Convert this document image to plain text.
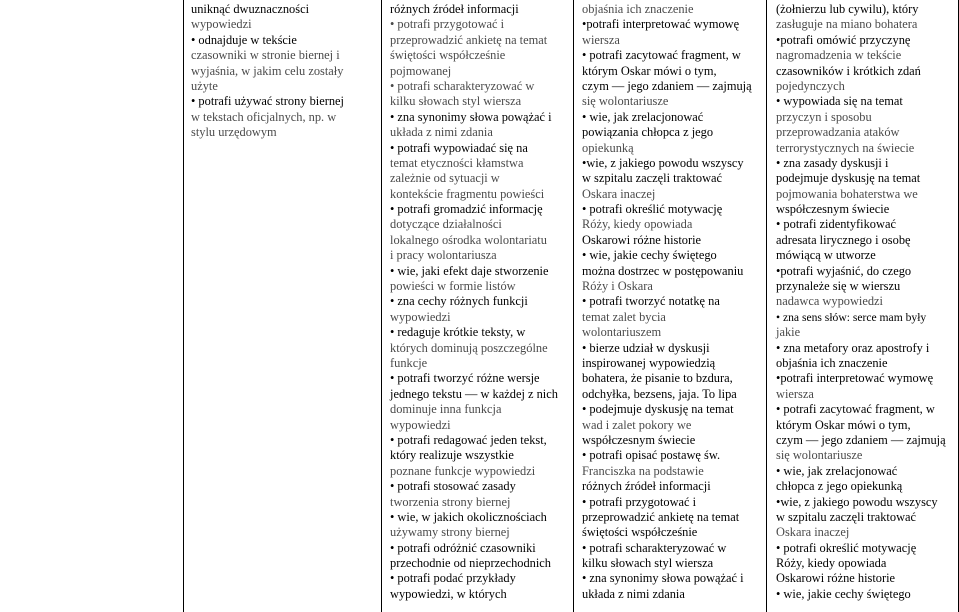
uniknąć dwuznaczności
wypowiedzi
• odnajduje w tekście
czasowniki w stronie biernej i
wyjaśnia, w jakim celu zostały
użyte
• potrafi używać strony biernej
w tekstach oficjalnych, np. w
stylu urzędowym
różnych źródeł informacji
• potrafi przygotować i
przeprowadzić ankietę na temat
świętości współcześnie
pojmowanej
• potrafi scharakteryzować w
kilku słowach styl wiersza
• zna synonimy słowa powążać i
układa z nimi zdania
• potrafi wypowiadać się na
temat etyczności kłamstwa
zależnie od sytuacji w
kontekście fragmentu powieści
• potrafi gromadzić informację
dotyczące działalności
lokalnego ośrodka wolontariatu
i pracy wolontariusza
• wie, jaki efekt daje stworzenie
powieści w formie listów
• zna cechy różnych funkcji
wypowiedzi
• redaguje krótkie teksty, w
których dominują poszczególne
funkcje
• potrafi tworzyć różne wersje
jednego tekstu — w każdej z nich
dominuje inna funkcja
wypowiedzi
• potrafi redagować jeden tekst,
który realizuje wszystkie
poznane funkcje wypowiedzi
• potrafi stosować zasady
tworzenia strony biernej
• wie, w jakich okolicznościach
używamy strony biernej
• potrafi odróżnić czasowniki
przechodnie od nieprzechodnich
• potrafi podać przykłady
wypowiedzi, w których
objaśnia ich znaczenie
•potrafi interpretować wymowę
wiersza
• potrafi zacytować fragment, w
którym Oskar mówi o tym,
czym — jego zdaniem — zajmują
się wolontariusze
• wie, jak zrelacjonować
powiązania chłopca z jego
opiekunką
•wie, z jakiego powodu wszyscy
w szpitalu zaczęli traktować
Oskara inaczej
• potrafi określić motywację
Róży, kiedy opowiada
Oskarowi różne historie
• wie, jakie cechy świętego
można dostrzec w postępowaniu
Róży i Oskara
• potrafi tworzyć notatkę na
temat zalet bycia
wolontariuszem
• bierze udział w dyskusji
inspirowanej wypowiedzią
bohatera, że pisanie to bzdura,
odchyłka, bezsens, jaja. To lipa
• podejmuje dyskusję na temat
wad i zalet pokory we
współczesnym świecie
• potrafi opisać postawę św.
Franciszka na podstawie
różnych źródeł informacji
• potrafi przygotować i
przeprowadzić ankietę na temat
świętości współcześnie
• potrafi scharakteryzować w
kilku słowach styl wiersza
• zna synonimy słowa powążać i
układa z nimi zdania
(żołnierzu lub cywilu), który
zasługuje na miano bohatera
•potrafi omówić przyczynę
nagromadzenia w tekście
czasowników i krótkich zdań
pojedynczych
• wypowiada się na temat
przyczyn i sposobu
przeprowadzania ataków
terrorystycznych na świecie
• zna zasady dyskusji i
podejmuje dyskusję na temat
pojmowania bohaterstwa we
współczesnym świecie
• potrafi zidentyfikować
adresata lirycznego i osobę
mówiącą w utworze
•potrafi wyjaśnić, do czego
przynależe się w wierszu
nadawca wypowiedzi
• zna sens słów: serce mam były
jakie
• zna metafory oraz apostrofy i
objaśnia ich znaczenie
•potrafi interpretować wymowę
wiersza
• potrafi zacytować fragment, w
którym Oskar mówi o tym,
czym — jego zdaniem — zajmują
się wolontariusze
• wie, jak zrelacjonować
chłopca z jego opiekunką
•wie, z jakiego powodu wszyscy
w szpitalu zaczęli traktować
Oskara inaczej
• potrafi określić motywację
Róży, kiedy opowiada
Oskarowi różne historie
• wie, jakie cechy świętego
